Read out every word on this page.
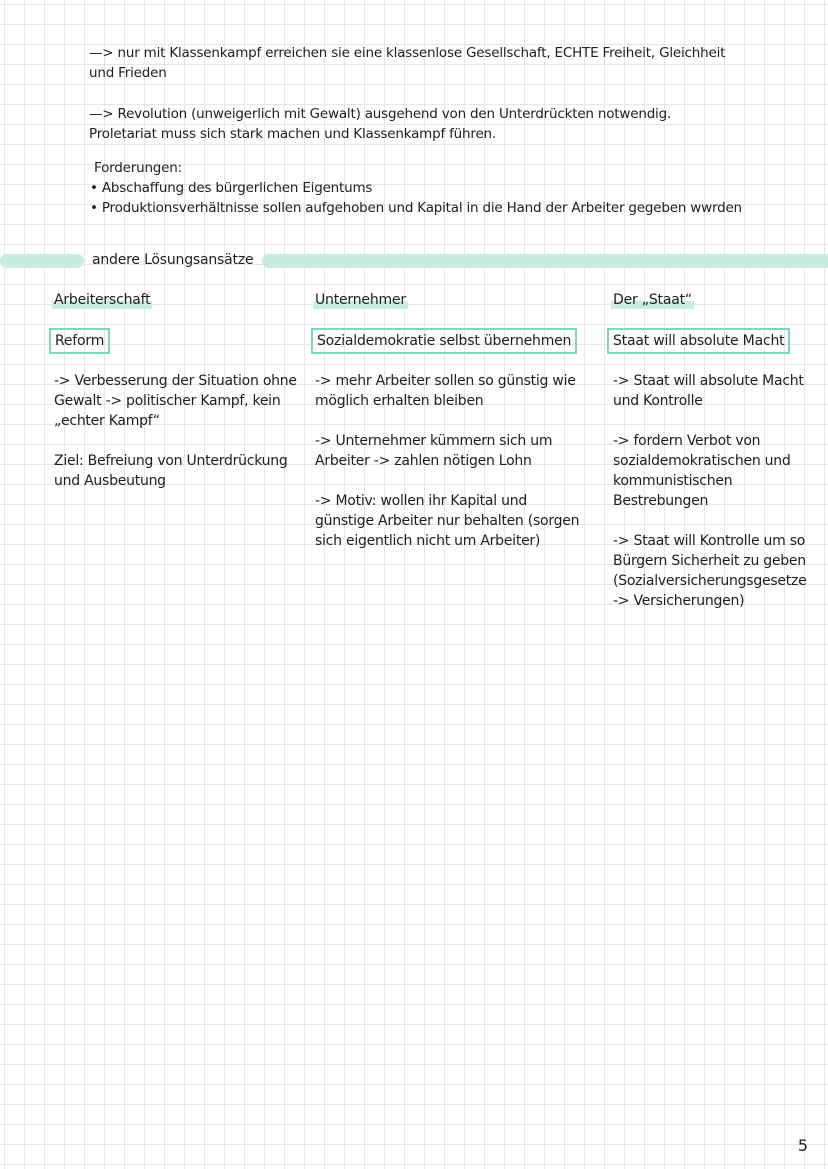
—> nur mit Klassenkampf erreichen sie eine klassenlose Gesellschaft, ECHTE Freiheit, Gleichheit
und Frieden
—> Revolution (unweigerlich mit Gewalt) ausgehend von den Unterdrückten notwendig.
Proletariat muss sich stark machen und Klassenkampf führen.
Forderungen:
• Abschaffung des bürgerlichen Eigentums
• Produktionsverhältnisse sollen aufgehoben und Kapital in die Hand der Arbeiter gegeben wwrden
andere Lösungsansätze
Arbeiterschaft
Reform

-> Verbesserung der Situation ohne Gewalt -> politischer Kampf, kein „echter Kampf“

Ziel: Befreiung von Unterdrückung und Ausbeutung

Unternehmer
Sozialdemokratie selbst übernehmen

-> mehr Arbeiter sollen so günstig wie möglich erhalten bleiben

-> Unternehmer kümmern sich um Arbeiter -> zahlen nötigen Lohn

-> Motiv: wollen ihr Kapital und günstige Arbeiter nur behalten (sorgen sich eigentlich nicht um Arbeiter)

Der „Staat“
Staat will absolute Macht

-> Staat will absolute Macht und Kontrolle

-> fordern Verbot von sozialdemokratischen und kommunistischen Bestrebungen

-> Staat will Kontrolle um so Bürgern Sicherheit zu geben (Sozialversicherungsgesetze -> Versicherungen)

5
